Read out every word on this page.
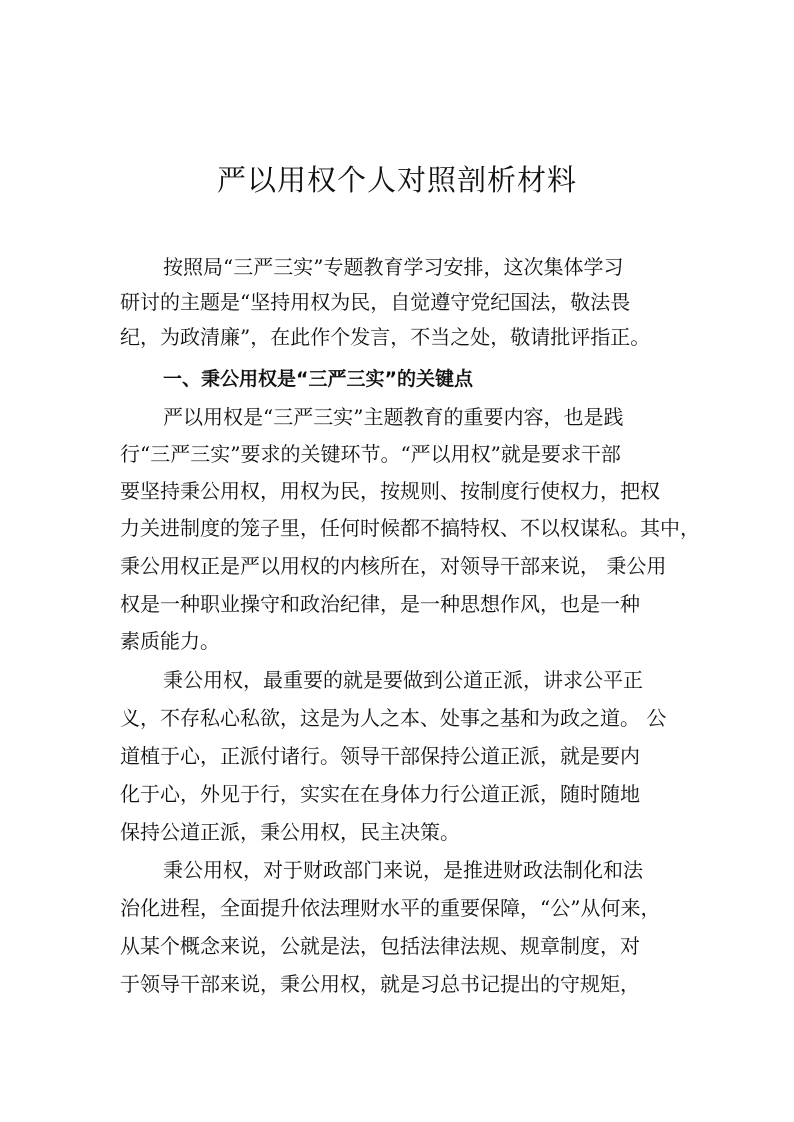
严以用权个人对照剖析材料
按照局“三严三实”专题教育学习安排，这次集体学习
研讨的主题是“坚持用权为民，自觉遵守党纪国法，敬法畏
纪，为政清廉”，在此作个发言，不当之处，敬请批评指正。
一、秉公用权是“三严三实”的关键点
严以用权是“三严三实”主题教育的重要内容，也是践
行“三严三实”要求的关键环节。“严以用权”就是要求干部
要坚持秉公用权，用权为民，按规则、按制度行使权力，把权
力关进制度的笼子里，任何时候都不搞特权、不以权谋私。其中，
秉公用权正是严以用权的内核所在，对领导干部来说， 秉公用
权是一种职业操守和政治纪律，是一种思想作风，也是一种
素质能力。
秉公用权，最重要的就是要做到公道正派，讲求公平正
义，不存私心私欲，这是为人之本、处事之基和为政之道。 公
道植于心，正派付诸行。领导干部保持公道正派，就是要内
化于心，外见于行，实实在在身体力行公道正派，随时随地
保持公道正派，秉公用权，民主决策。
秉公用权，对于财政部门来说，是推进财政法制化和法
治化进程，全面提升依法理财水平的重要保障，“公”从何来，
从某个概念来说，公就是法，包括法律法规、规章制度，对
于领导干部来说，秉公用权，就是习总书记提出的守规矩，
